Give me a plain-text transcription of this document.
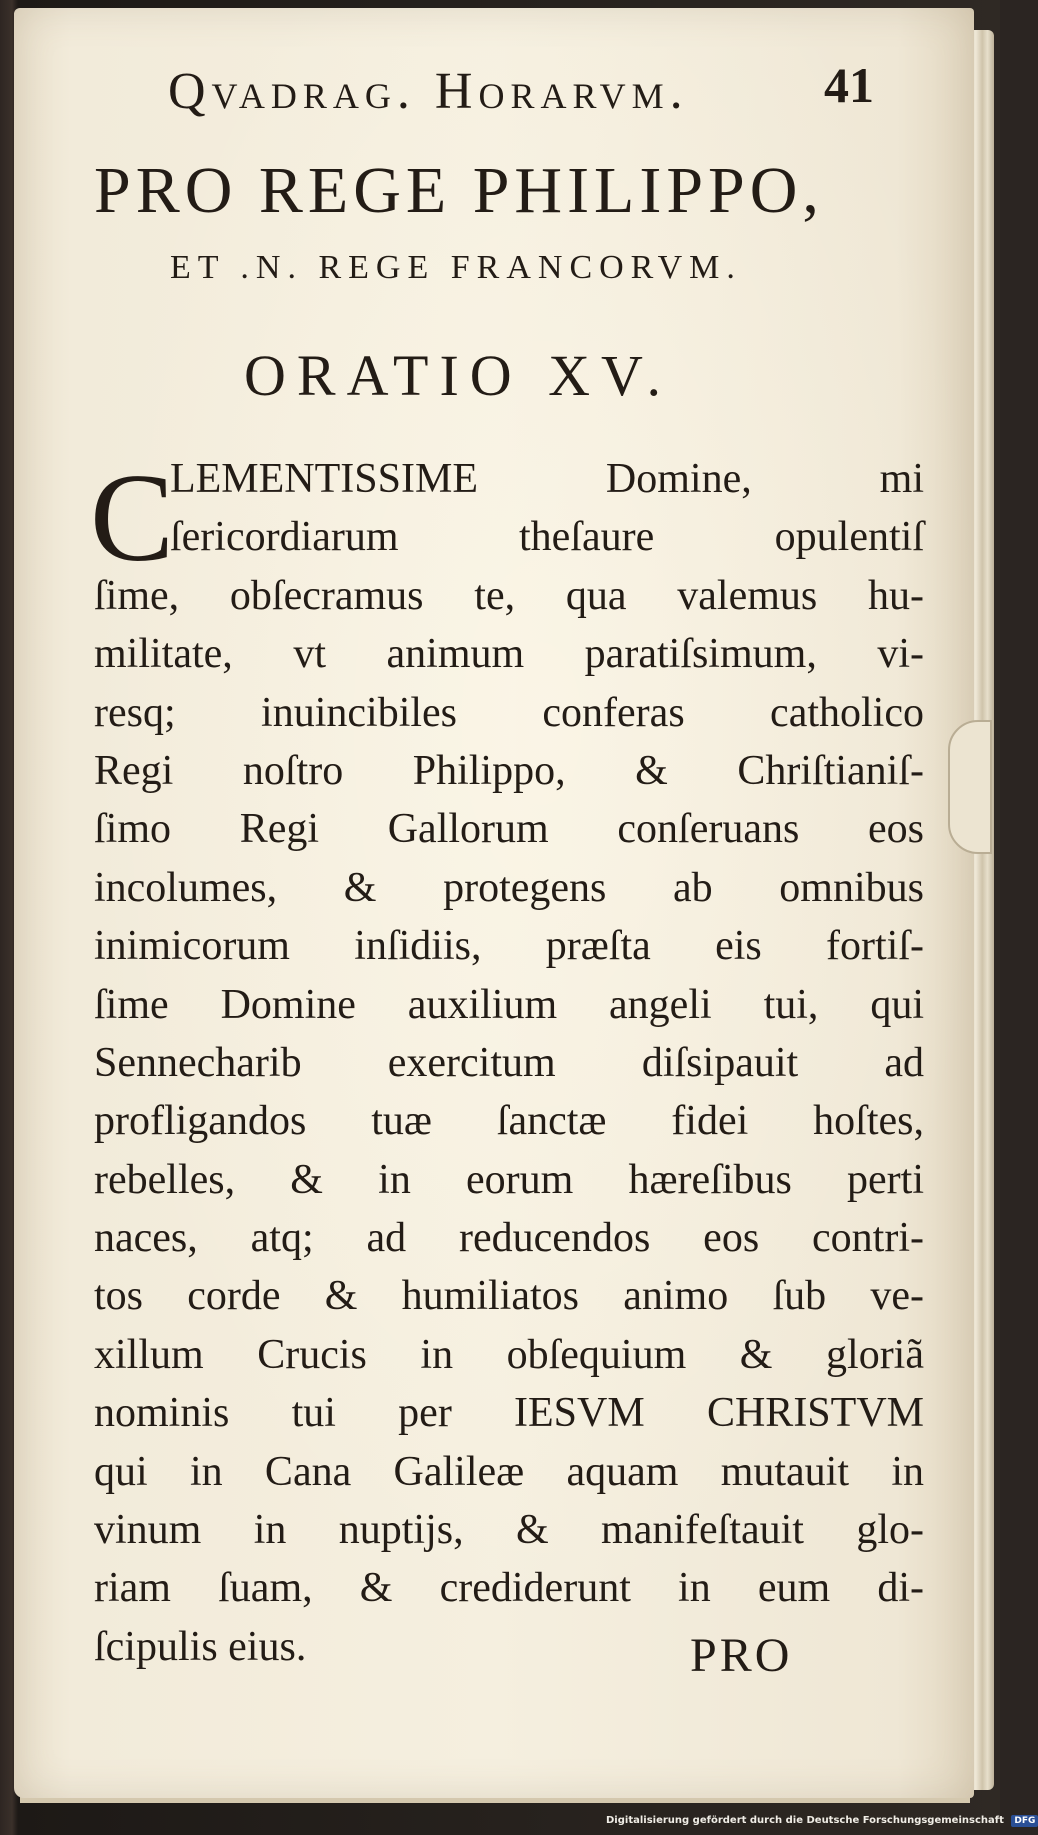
Qvadrag. Horarvm.	41
PRO REGE PHILIPPO,
ET .N. REGE FRANCORVM.
ORATIO XV.
C
LEMENTISSIME Domine, mi
ſericordiarum theſaure opulentiſ
ſime, obſecramus te, qua valemus hu-
militate, vt animum paratiſsimum, vi-
resq; inuincibiles conferas catholico
Regi noſtro Philippo, & Chriſtianiſ-
ſimo Regi Gallorum conſeruans eos
incolumes, & protegens ab omnibus
inimicorum inſidiis, præſta eis fortiſ-
ſime Domine auxilium angeli tui, qui
Sennecharib exercitum diſsipauit ad
profligandos tuæ ſanctæ fidei hoſtes,
rebelles, & in eorum hæreſibus perti
naces, atq; ad reducendos eos contri-
tos corde & humiliatos animo ſub ve-
xillum Crucis in obſequium & gloriã
nominis tui per IESVM CHRISTVM
qui in Cana Galileæ aquam mutauit in
vinum in nuptijs, & manifeſtauit glo-
riam ſuam, & crediderunt in eum di-
ſcipulis eius.	PRO
Digitalisierung gefördert durch die Deutsche Forschungsgemeinschaft DFG
